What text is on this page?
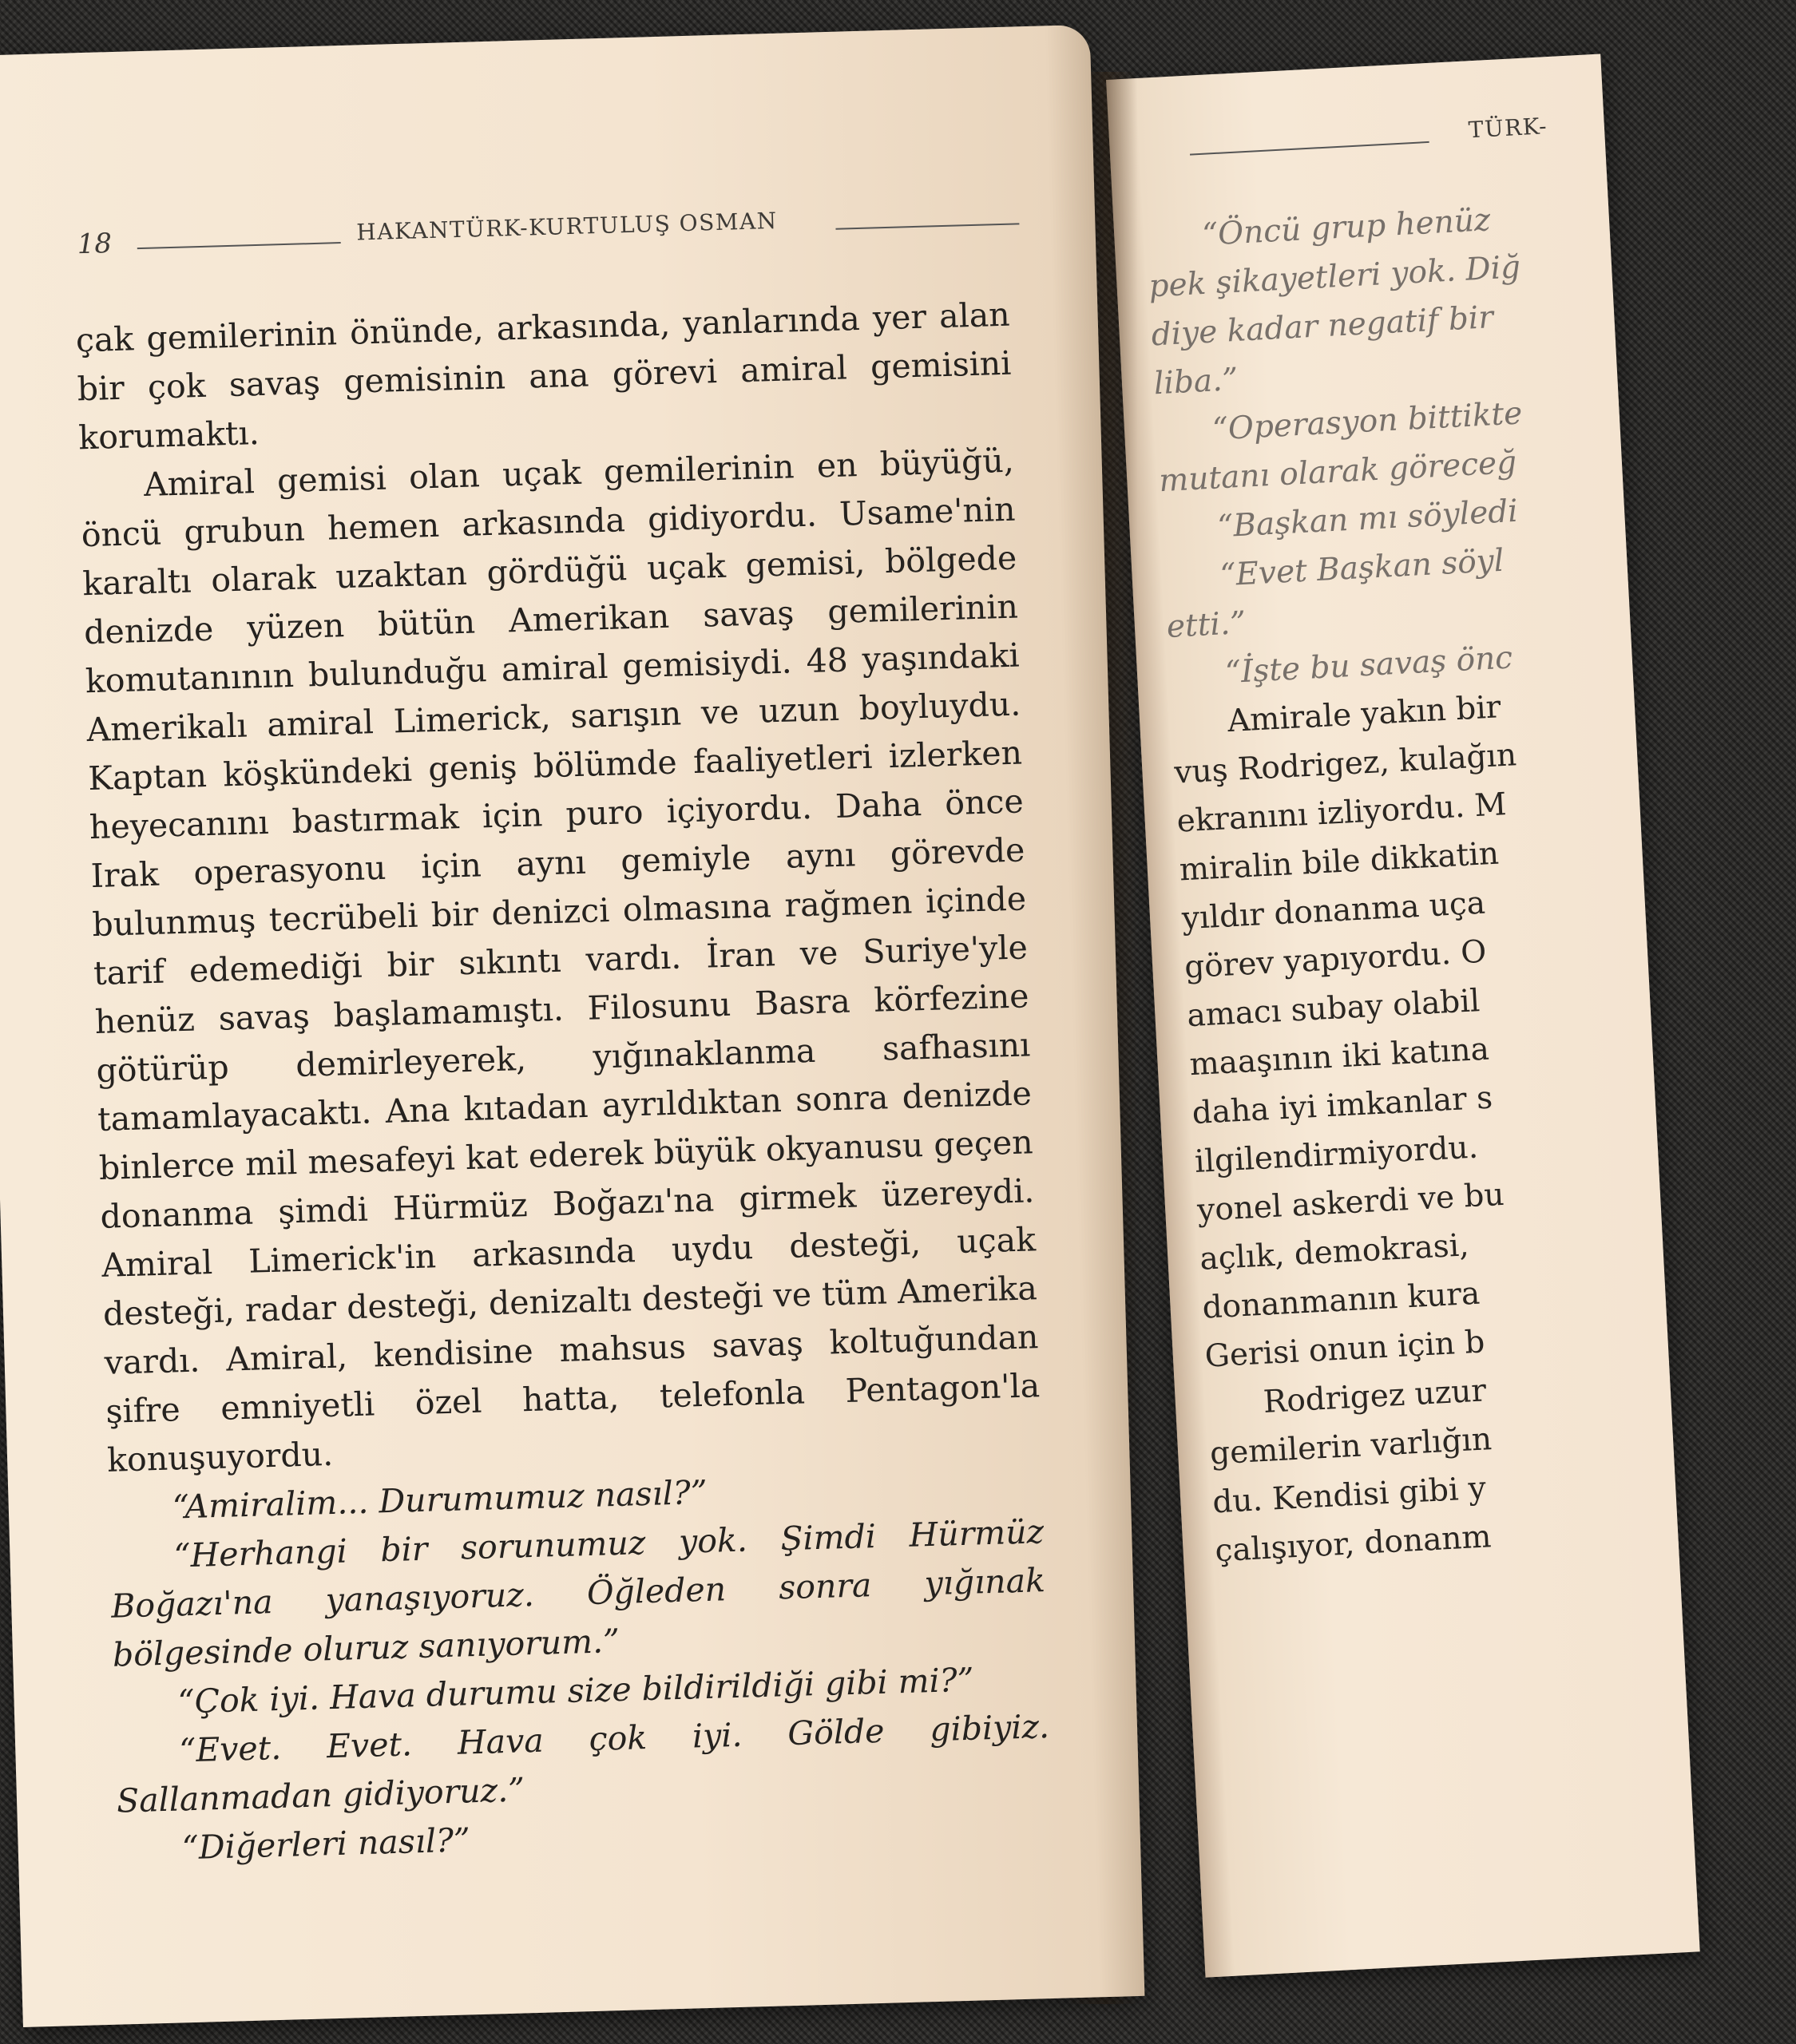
TÜRK-

“Öncü grup henüz

pek şikayetleri yok. Diğ

diye kadar negatif bir

liba.”

“Operasyon bittikte

mutanı olarak göreceğ

“Başkan mı söyledi

“Evet Başkan söyl

etti.”

“İşte bu savaş önc

Amirale yakın bir

vuş Rodrigez, kulağın

ekranını izliyordu. M

miralin bile dikkatin

yıldır donanma uça

görev yapıyordu. O

amacı subay olabil

maaşının iki katına

daha iyi imkanlar s

ilgilendirmiyordu.

yonel askerdi ve bu

açlık, demokrasi,

donanmanın kura

Gerisi onun için b

Rodrigez uzur

gemilerin varlığın

du. Kendisi gibi y

çalışıyor, donanm

18	HAKANTÜRK-KURTULUŞ OSMAN

çak gemilerinin önünde, arkasında, yanlarında yer alan bir çok savaş gemisinin ana görevi amiral gemisini korumaktı.

Amiral gemisi olan uçak gemilerinin en büyüğü, öncü grubun hemen arkasında gidiyordu. Usame'nin karaltı olarak uzaktan gördüğü uçak gemisi, bölgede denizde yüzen bütün Amerikan savaş gemilerinin komutanının bulunduğu amiral gemisiydi. 48 yaşındaki Amerikalı amiral Limerick, sarışın ve uzun boyluydu. Kaptan köşkündeki geniş bölümde faaliyetleri izlerken heyecanını bastırmak için puro içiyordu. Daha önce Irak operasyonu için aynı gemiyle aynı görevde bulunmuş tecrübeli bir denizci olmasına rağmen içinde tarif edemediği bir sıkıntı vardı. İran ve Suriye'yle henüz savaş başlamamıştı. Filosunu Basra körfezine götürüp demirleyerek, yığınaklanma safhasını tamamlayacaktı. Ana kıtadan ayrıldıktan sonra denizde binlerce mil mesafeyi kat ederek büyük okyanusu geçen donanma şimdi Hürmüz Boğazı'na girmek üzereydi. Amiral Limerick'in arkasında uydu desteği, uçak desteği, radar desteği, denizaltı desteği ve tüm Amerika vardı. Amiral, kendisine mahsus savaş koltuğundan şifre emniyetli özel hatta, telefonla Pentagon'la konuşuyordu.

“Amiralim... Durumumuz nasıl?”

“Herhangi bir sorunumuz yok. Şimdi Hürmüz Boğazı'na yanaşıyoruz. Öğleden sonra yığınak bölgesinde oluruz sanıyorum.”

“Çok iyi. Hava durumu size bildirildiği gibi mi?”

“Evet. Evet. Hava çok iyi. Gölde gibiyiz. Sallanmadan gidiyoruz.”

“Diğerleri nasıl?”
